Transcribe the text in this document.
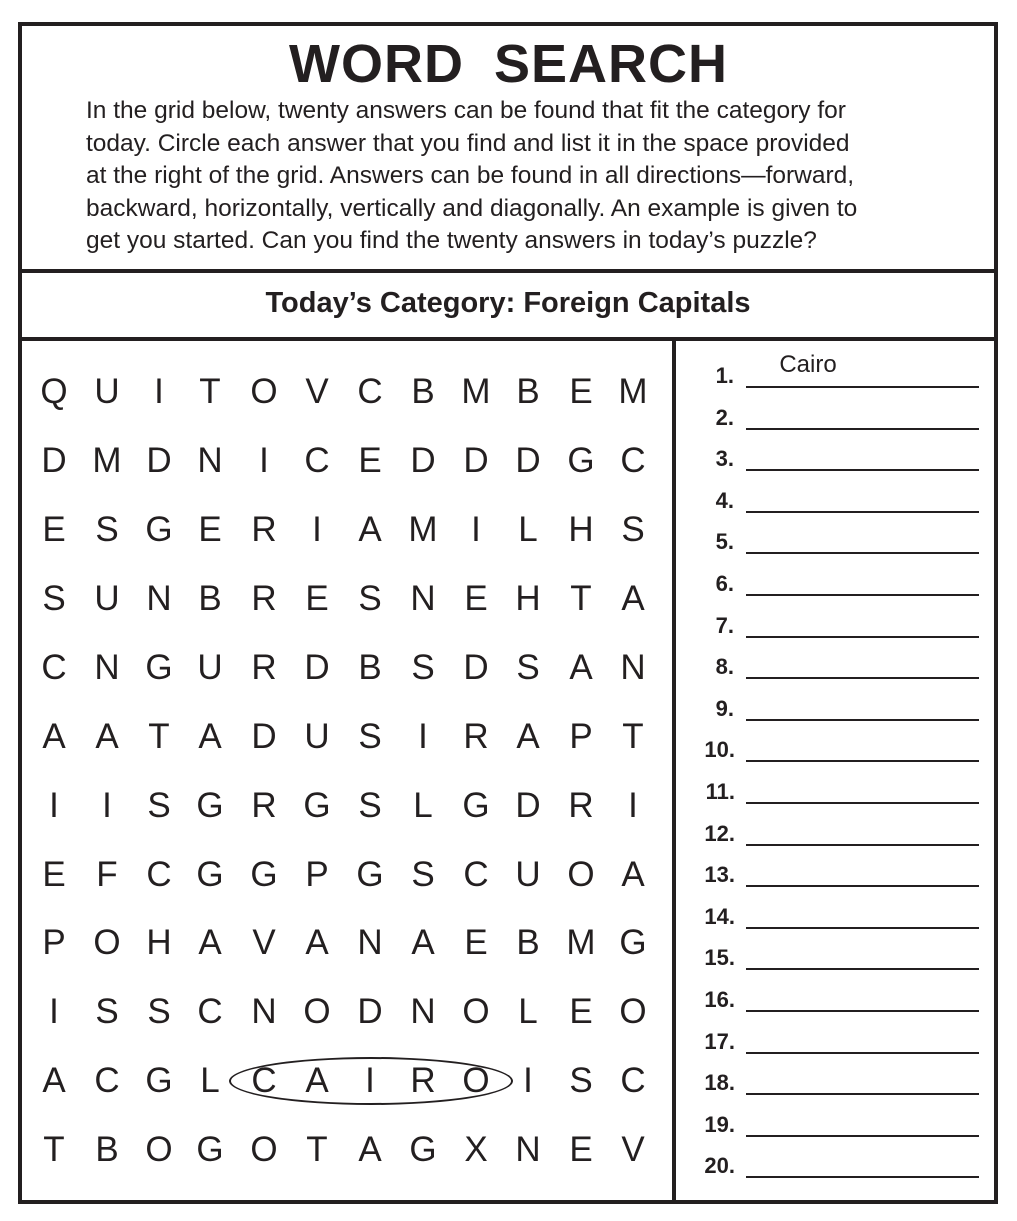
WORD SEARCH

In the grid below, twenty answers can be found that fit the category for
today. Circle each answer that you find and list it in the space provided
at the right of the grid. Answers can be found in all directions—forward,
backward, horizontally, vertically and diagonally. An example is given to
get you started. Can you find the twenty answers in today’s puzzle?

Today’s Category: Foreign Capitals
Q U I	T O V C B M B E M
D M D N	I	C E D D D G C
E S G E R	I	A M I	L H S
S U N B R E S N E H T A
C N G U R D B S D S A N
A A T A D U S	I	R A P T
I	I	S G R G S L G D R I
E F C G G P G S C U O A
P O H A V A N A E B M G
I	S S C N O D N O L E O
A C G L C A	I	R O I	S C
T B O G O T A G X N E V
1.	Cairo
2.
3.
4.
5.
6.
7.
8.
9.
10.
11.
12.
13.
14.
15.
16.
17.
18.
19.
20.
